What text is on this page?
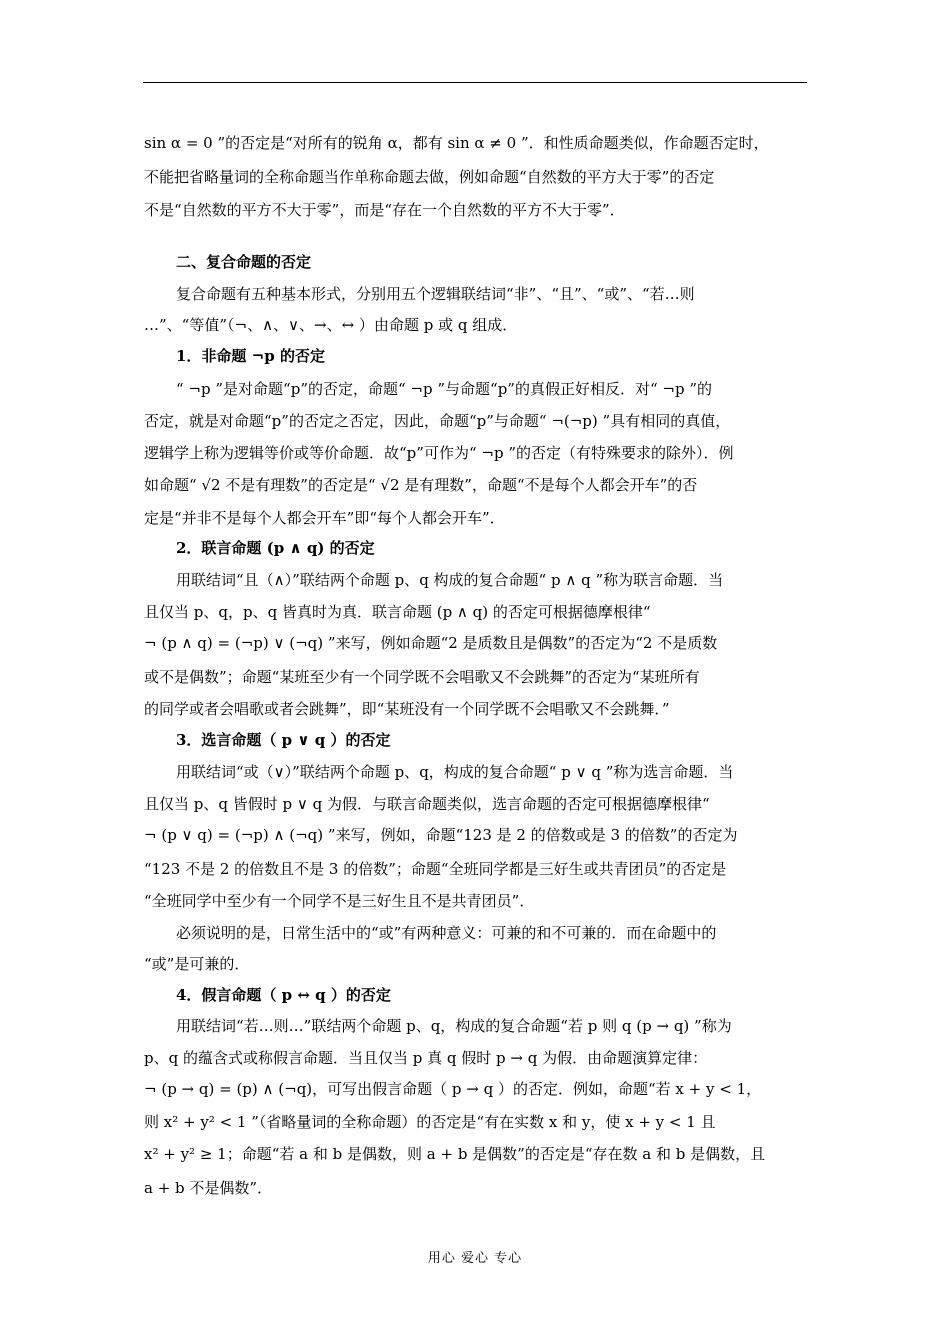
sin α = 0 ”的否定是“对所有的锐角 α，都有 sin α ≠ 0 ”．和性质命题类似，作命题否定时，
不能把省略量词的全称命题当作单称命题去做，例如命题“自然数的平方大于零”的否定
不是“自然数的平方不大于零”，而是“存在一个自然数的平方不大于零”．
二、复合命题的否定
复合命题有五种基本形式，分别用五个逻辑联结词“非”、“且”、“或”、“若…则
…”、“等值”（¬、∧、∨、→、↔ ）由命题 p 或 q 组成．
1．非命题 ¬p 的否定
“ ¬p ”是对命题“p”的否定，命题“ ¬p ”与命题“p”的真假正好相反．对“ ¬p ”的
否定，就是对命题“p”的否定之否定，因此，命题“p”与命题“ ¬(¬p) ”具有相同的真值，
逻辑学上称为逻辑等价或等价命题．故“p”可作为“ ¬p ”的否定（有特殊要求的除外）．例
如命题“ √2 不是有理数”的否定是“ √2 是有理数”，命题“不是每个人都会开车”的否
定是“并非不是每个人都会开车”即“每个人都会开车”．
2．联言命题 (p ∧ q) 的否定
用联结词“且（∧）”联结两个命题 p、q 构成的复合命题“ p ∧ q ”称为联言命题．当
且仅当 p、q，p、q 皆真时为真．联言命题 (p ∧ q) 的否定可根据德摩根律“
¬ (p ∧ q) = (¬p) ∨ (¬q) ”来写，例如命题“2 是质数且是偶数”的否定为“2 不是质数
或不是偶数”；命题“某班至少有一个同学既不会唱歌又不会跳舞”的否定为“某班所有
的同学或者会唱歌或者会跳舞”，即“某班没有一个同学既不会唱歌又不会跳舞．”
3．选言命题（ p ∨ q ）的否定
用联结词“或（∨）”联结两个命题 p、q，构成的复合命题“ p ∨ q ”称为选言命题．当
且仅当 p、q 皆假时 p ∨ q 为假．与联言命题类似，选言命题的否定可根据德摩根律“
¬ (p ∨ q) = (¬p) ∧ (¬q) ”来写，例如，命题“123 是 2 的倍数或是 3 的倍数”的否定为
“123 不是 2 的倍数且不是 3 的倍数”；命题“全班同学都是三好生或共青团员”的否定是
“全班同学中至少有一个同学不是三好生且不是共青团员”．
必须说明的是，日常生活中的“或”有两种意义：可兼的和不可兼的．而在命题中的
“或”是可兼的．
4．假言命题（ p ↔ q ）的否定
用联结词“若…则…”联结两个命题 p、q，构成的复合命题“若 p 则 q (p → q) ”称为
p、q 的蕴含式或称假言命题．当且仅当 p 真 q 假时 p → q 为假．由命题演算定律：
¬ (p → q) = (p) ∧ (¬q)，可写出假言命题（ p → q ）的否定．例如，命题“若 x + y < 1，
则 x² + y² < 1 ”（省略量词的全称命题）的否定是“有在实数 x 和 y，使 x + y < 1 且
x² + y² ≥ 1；命题“若 a 和 b 是偶数，则 a + b 是偶数”的否定是“存在数 a 和 b 是偶数，且
a + b 不是偶数”．
用心 爱心 专心
